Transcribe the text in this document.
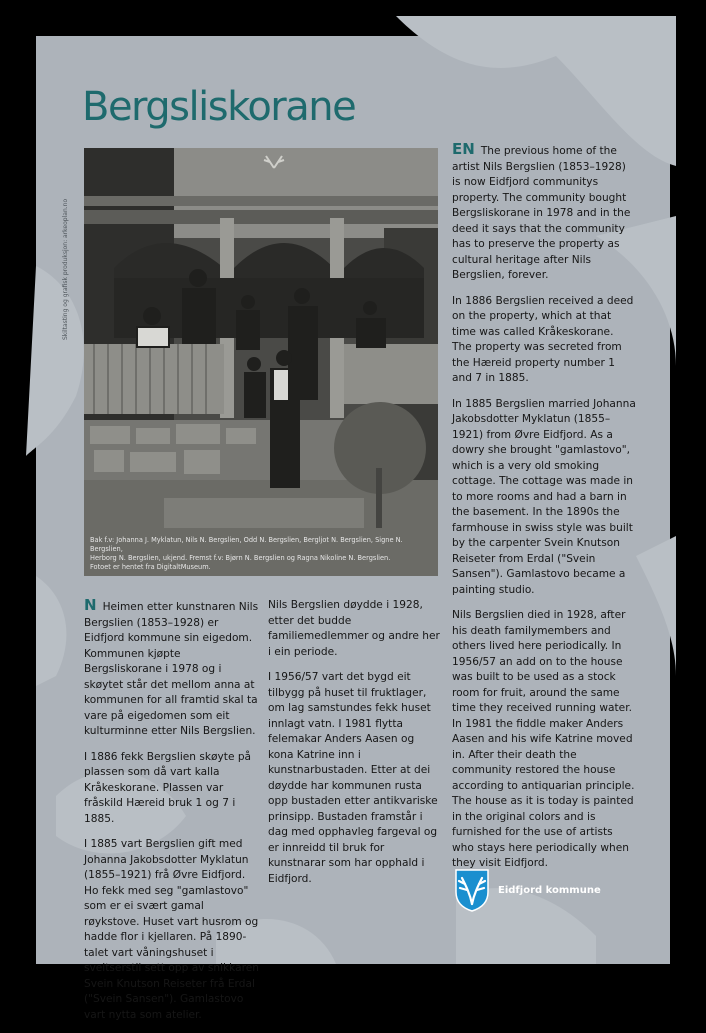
Bergsliskorane
Skiltasting og grafisk produksjon: arkeoplan.no
Bak f.v: Johanna J. Myklatun, Nils N. Bergslien, Odd N. Bergslien, Bergljot N. Bergslien, Signe N. Bergslien,
Herborg N. Bergslien, ukjend. Fremst f.v: Bjørn N. Bergslien og Ragna Nikoline N. Bergslien.
Fotoet er hentet fra DigitaltMuseum.

EN The previous home of the artist Nils Bergslien (1853–1928) is now Eidfjord communitys property. The community bought Bergsliskorane in 1978 and in the deed it says that the community has to preserve the property as cultural heritage after Nils Bergslien, forever.

In 1886 Bergslien received a deed on the property, which at that time was called Kråkeskorane. The property was secreted from the Hæreid property number 1 and 7 in 1885.

In 1885 Bergslien married Johanna Jakobsdotter Myklatun (1855–1921) from Øvre Eidfjord. As a dowry she brought "gamlastovo", which is a very old smoking cottage. The cottage was made in to more rooms and had a barn in the basement. In the 1890s the farmhouse in swiss style was built by the carpenter Svein Knutson Reiseter from Erdal ("Svein Sansen"). Gamlastovo became a painting studio.

Nils Bergslien died in 1928, after his death familymembers and others lived here periodically. In 1956/57 an add on to the house was built to be used as a stock room for fruit, around the same time they received running water. In 1981 the fiddle maker Anders Aasen and his wife Katrine moved in. After their death the community restored the house according to antiquarian principle. The house as it is today is painted in the original colors and is furnished for the use of artists who stays here periodically when they visit Eidfjord.

N Heimen etter kunstnaren Nils Bergslien (1853–1928) er Eidfjord kommune sin eigedom. Kommunen kjøpte Bergsliskorane i 1978 og i skøytet står det mellom anna at kommunen for all framtid skal ta vare på eigedomen som eit kulturminne etter Nils Bergslien.

I 1886 fekk Bergslien skøyte på plassen som då vart kalla Kråkeskorane. Plassen var fråskild Hæreid bruk 1 og 7 i 1885.

I 1885 vart Bergslien gift med Johanna Jakobsdotter Myklatun (1855–1921) frå Øvre Eidfjord. Ho fekk med seg "gamlastovo" som er ei svært gamal røykstove. Huset vart husrom og hadde flor i kjellaren. På 1890-talet vart våningshuset i sveitserstil sett opp av snikkaren Svein Knutson Reiseter frå Erdal ("Svein Sansen"). Gamlastovo vart nytta som atelier.

Nils Bergslien døydde i 1928, etter det budde familiemedlemmer og andre her i ein periode.

I 1956/57 vart det bygd eit tilbygg på huset til fruktlager, om lag samstundes fekk huset innlagt vatn. I 1981 flytta felemakar Anders Aasen og kona Katrine inn i kunstnarbustaden. Etter at dei døydde har kommunen rusta opp bustaden etter antikvariske prinsipp. Bustaden framstår i dag med opphavleg fargeval og er innreidd til bruk for kunstnarar som har opphald i Eidfjord.

Eidfjord kommune
